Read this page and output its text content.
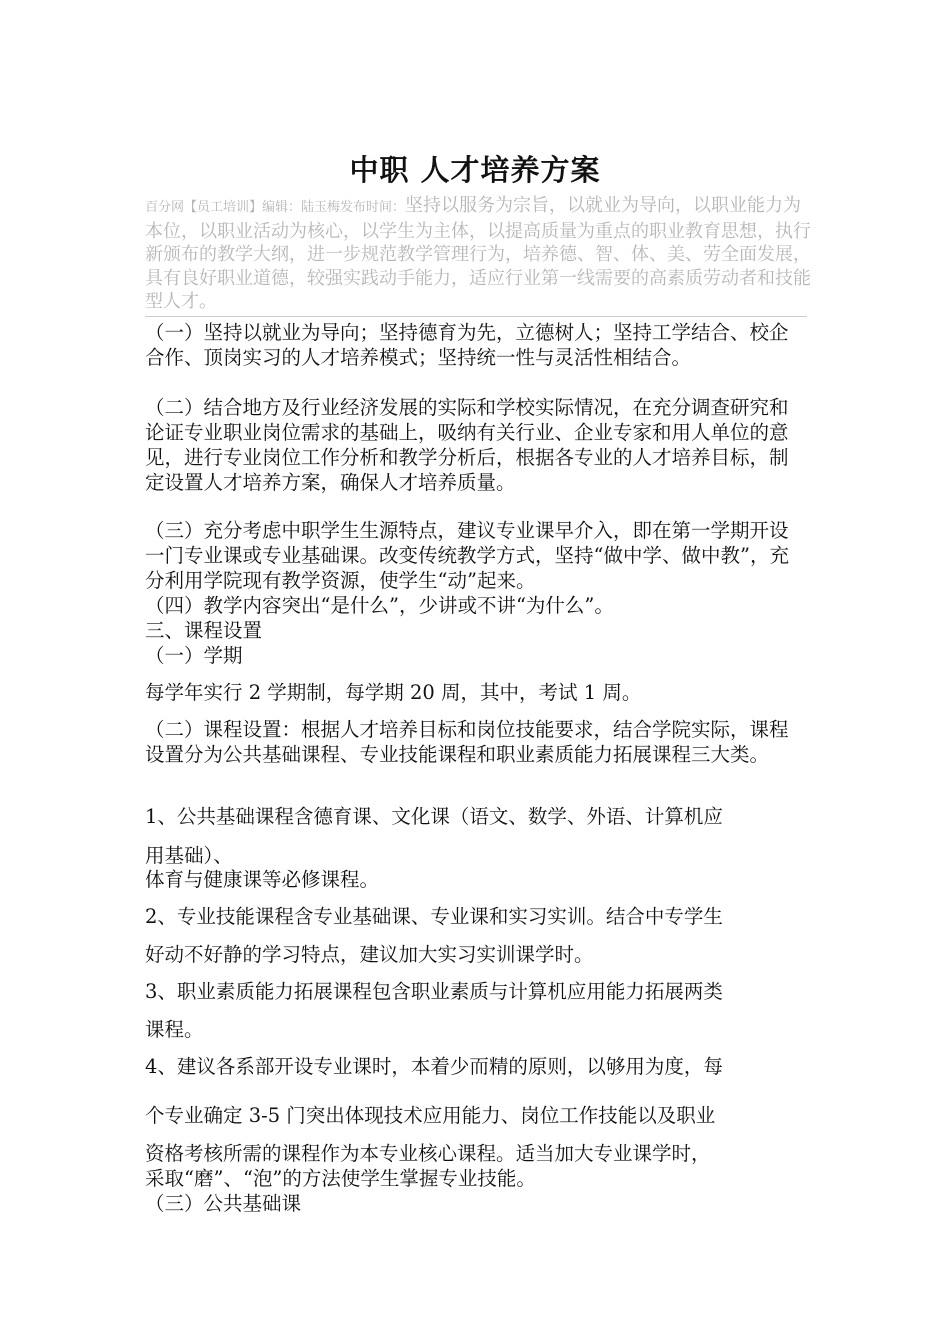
中职 人才培养方案
百分网【员工培训】编辑：陆玉梅发布时间：坚持以服务为宗旨，以就业为导向，以职业能力为本位，以职业活动为核心，以学生为主体，以提高质量为重点的职业教育思想，执行新颁布的教学大纲，进一步规范教学管理行为，培养德、智、体、美、劳全面发展，具有良好职业道德，较强实践动手能力，适应行业第一线需要的高素质劳动者和技能型人才。

（一）坚持以就业为导向；坚持德育为先，立德树人；坚持工学结合、校企合作、顶岗实习的人才培养模式；坚持统一性与灵活性相结合。

（二）结合地方及行业经济发展的实际和学校实际情况，在充分调查研究和论证专业职业岗位需求的基础上，吸纳有关行业、企业专家和用人单位的意见，进行专业岗位工作分析和教学分析后，根据各专业的人才培养目标，制定设置人才培养方案，确保人才培养质量。

（三）充分考虑中职学生生源特点，建议专业课早介入，即在第一学期开设一门专业课或专业基础课。改变传统教学方式，坚持“做中学、做中教”，充分利用学院现有教学资源，使学生“动”起来。

（四）教学内容突出“是什么”，少讲或不讲“为什么”。

三、课程设置

（一）学期

每学年实行 2 学期制，每学期 20 周，其中，考试 1 周。

（二）课程设置：根据人才培养目标和岗位技能要求，结合学院实际，课程设置分为公共基础课程、专业技能课程和职业素质能力拓展课程三大类。

1、公共基础课程含德育课、文化课（语文、数学、外语、计算机应

用基础）、

体育与健康课等必修课程。

2、专业技能课程含专业基础课、专业课和实习实训。结合中专学生

好动不好静的学习特点，建议加大实习实训课学时。

3、职业素质能力拓展课程包含职业素质与计算机应用能力拓展两类

课程。

4、建议各系部开设专业课时，本着少而精的原则，以够用为度，每

个专业确定 3-5 门突出体现技术应用能力、岗位工作技能以及职业

资格考核所需的课程作为本专业核心课程。适当加大专业课学时，

采取“磨”、“泡”的方法使学生掌握专业技能。

（三）公共基础课
